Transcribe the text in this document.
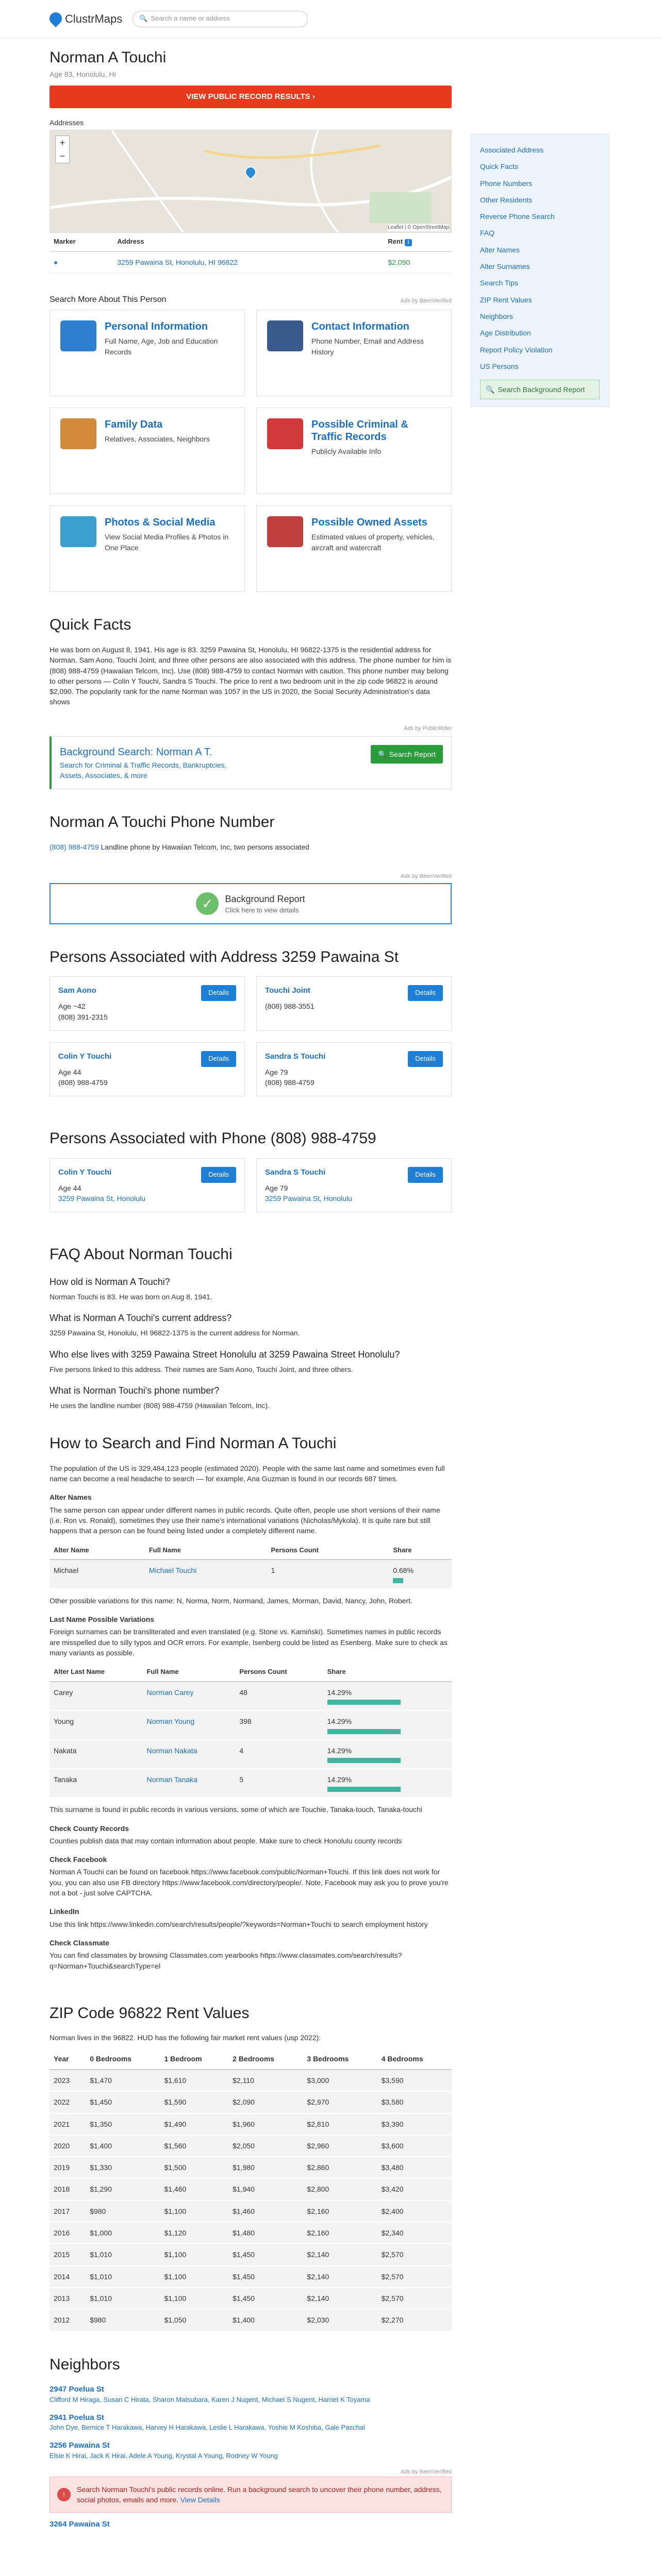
ClustrMaps	🔍 Search a name or address
Associated Address
Quick Facts
Phone Numbers
Other Residents
Reverse Phone Search
FAQ
Alter Names
Alter Surnames
Search Tips
ZIP Rent Values
Neighbors
Age Distribution
Report Policy Violation
US Persons
🔍 Search Background Report
Norman A Touchi
Age 83, Honolulu, HI
VIEW PUBLIC RECORD RESULTS ›
Addresses
+
−
Leaflet | © OpenStreetMap
Marker	Address	Rent i
●	3259 Pawaina St, Honolulu, HI 96822	$2,090
Search More About This Person	Ads by BeenVerified
Personal Information
Full Name, Age, Job and Education Records
Contact Information
Phone Number, Email and Address History
Family Data
Relatives, Associates, Neighbors
Possible Criminal & Traffic Records
Publicly Available Info
Photos & Social Media
View Social Media Profiles & Photos in One Place
Possible Owned Assets
Estimated values of property, vehicles, aircraft and watercraft
Quick Facts

He was born on August 8, 1941. His age is 83. 3259 Pawaina St, Honolulu, HI 96822-1375 is the residential address for Norman. Sam Aono, Touchi Joint, and three other persons are also associated with this address. The phone number for him is (808) 988-4759 (Hawaiian Telcom, Inc). Use (808) 988-4759 to contact Norman with caution. This phone number may belong to other persons — Colin Y Touchi, Sandra S Touchi. The price to rent a two bedroom unit in the zip code 96822 is around $2,090. The popularity rank for the name Norman was 1057 in the US in 2020, the Social Security Administration's data shows

Ads by PublicRider
Background Search: Norman A T.
Search for Criminal & Traffic Records, Bankruptcies, Assets, Associates, & more
🔍 Search Report
Norman A Touchi Phone Number

(808) 988-4759 Landline phone by Hawaiian Telcom, Inc, two persons associated

Ads by BeenVerified
✓	Background Report
Click here to view details
Persons Associated with Address 3259 Pawaina St
Sam Aono	Details
Age ~42
(808) 391-2315
Touchi Joint	Details
(808) 988-3551
Colin Y Touchi	Details
Age 44
(808) 988-4759
Sandra S Touchi	Details
Age 79
(808) 988-4759
Persons Associated with Phone (808) 988-4759
Colin Y Touchi	Details
Age 44
3259 Pawaina St, Honolulu
Sandra S Touchi	Details
Age 79
3259 Pawaina St, Honolulu
FAQ About Norman Touchi
How old is Norman A Touchi?

Norman Touchi is 83. He was born on Aug 8, 1941.

What is Norman A Touchi's current address?

3259 Pawaina St, Honolulu, HI 96822-1375 is the current address for Norman.

Who else lives with 3259 Pawaina Street Honolulu at 3259 Pawaina Street Honolulu?

Five persons linked to this address. Their names are Sam Aono, Touchi Joint, and three others.

What is Norman Touchi's phone number?

He uses the landline number (808) 988-4759 (Hawaiian Telcom, Inc).

How to Search and Find Norman A Touchi

The population of the US is 329,484,123 people (estimated 2020). People with the same last name and sometimes even full name can become a real headache to search — for example, Ana Guzman is found in our records 687 times.

Alter Names

The same person can appear under different names in public records. Quite often, people use short versions of their name (i.e. Ron vs. Ronald), sometimes they use their name's international variations (Nicholas/Mykola). It is quite rare but still happens that a person can be found being listed under a completely different name.

Alter Name	Full Name	Persons Count	Share
Michael	Michael Touchi	1	0.68%

Other possible variations for this name: N, Norma, Norm, Normand, James, Morman, David, Nancy, John, Robert.

Last Name Possible Variations

Foreign surnames can be transliterated and even translated (e.g. Stone vs. Kamiński). Sometimes names in public records are misspelled due to silly typos and OCR errors. For example, Isenberg could be listed as Esenberg. Make sure to check as many variants as possible.

Alter Last Name	Full Name	Persons Count	Share
Carey	Norman Carey	48	14.29%

Young	Norman Young	398	14.29%

Nakata	Norman Nakata	4	14.29%

Tanaka	Norman Tanaka	5	14.29%

This surname is found in public records in various versions, some of which are Touchie, Tanaka-touch, Tanaka-touchi

Check County Records

Counties publish data that may contain information about people. Make sure to check Honolulu county records

Check Facebook

Norman A Touchi can be found on facebook https://www.facebook.com/public/Norman+Touchi. If this link does not work for you, you can also use FB directory https://www.facebook.com/directory/people/. Note, Facebook may ask you to prove you're not a bot - just solve CAPTCHA.

LinkedIn

Use this link https://www.linkedin.com/search/results/people/?keywords=Norman+Touchi to search employment history

Check Classmate

You can find classmates by browsing Classmates.com yearbooks https://www.classmates.com/search/results?q=Norman+Touchi&searchType=el

ZIP Code 96822 Rent Values

Norman lives in the 96822. HUD has the following fair market rent values (usp 2022):

Year	0 Bedrooms	1 Bedroom	2 Bedrooms	3 Bedrooms	4 Bedrooms
2023	$1,470	$1,610	$2,110	$3,000	$3,590
2022	$1,450	$1,590	$2,090	$2,970	$3,580
2021	$1,350	$1,490	$1,960	$2,810	$3,390
2020	$1,400	$1,560	$2,050	$2,960	$3,600
2019	$1,330	$1,500	$1,980	$2,860	$3,480
2018	$1,290	$1,460	$1,940	$2,800	$3,420
2017	$980	$1,100	$1,460	$2,160	$2,400
2016	$1,000	$1,120	$1,480	$2,160	$2,340
2015	$1,010	$1,100	$1,450	$2,140	$2,570
2014	$1,010	$1,100	$1,450	$2,140	$2,570
2013	$1,010	$1,100	$1,450	$2,140	$2,570
2012	$980	$1,050	$1,400	$2,030	$2,270
Neighbors
2947 Poelua St
Clifford M Hiraga, Susan C Hirata, Sharon Matsubara, Karen J Nugent, Michael S Nugent, Harriet K Toyama
2941 Poelua St
John Dye, Bernice T Harakawa, Harvey H Harakawa, Leslie L Harakawa, Yoshie M Koshiba, Gale Paschal
3256 Pawaina St
Elsie K Hirai, Jack K Hirai, Adele A Young, Krystal A Young, Rodney W Young
Ads by BeenVerified
!
Search Norman Touchi's public records online. Run a background search to uncover their phone number, address, social photos, emails and more. View Details
3264 Pawaina St
